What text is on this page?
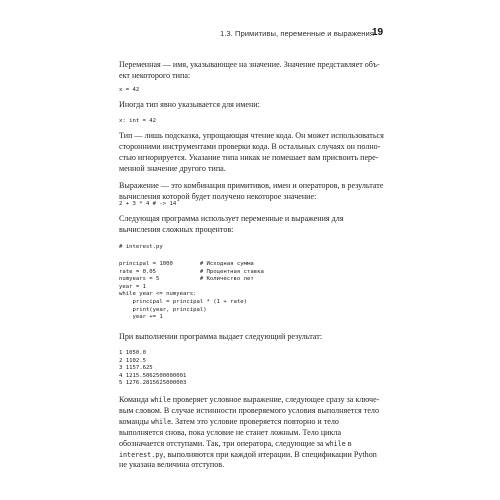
1.3. Примитивы, переменные и выражения
19

Переменная — имя, указывающее на значение. Значение представляет объ-ект некоторого типа:

x = 42

Иногда тип явно указывается для имени:

x: int = 42

Тип — лишь подсказка, упрощающая чтение кода. Он может использоваться сторонними инструментами проверки кода. В остальных случаях он полно-стью игнорируется. Указание типа никак не помешает вам присвоить пере-менной значение другого типа.

Выражение — это комбинация примитивов, имен и операторов, в результате вычисления которой будет получено некоторое значение:

2 + 3 * 4 # -> 14

Следующая программа использует переменные и выражения для вычисления сложных процентов:

# interest.py
principal = 1000        # Исходная сумма
rate = 0.05             # Процентная ставка
numyears = 5            # Количество лет
year = 1
while year <= numyears:
principal = principal * (1 + rate)
print(year, principal)
year += 1

При выполнении программа выдает следующий результат:

1 1050.0
2 1102.5
3 1157.625
4 1215.5062500000001
5 1276.2815625000003

Команда while проверяет условное выражение, следующее сразу за ключе-вым словом. В случае истинности проверяемого условия выполняется тело команды while. Затем это условие проверяется повторно и тело выполняется снова, пока условие не станет ложным. Тело цикла обозначается отступами. Так, три оператора, следующие за while в interest.py, выполняются при каждой итерации. В спецификации Python не указана величина отступов.
